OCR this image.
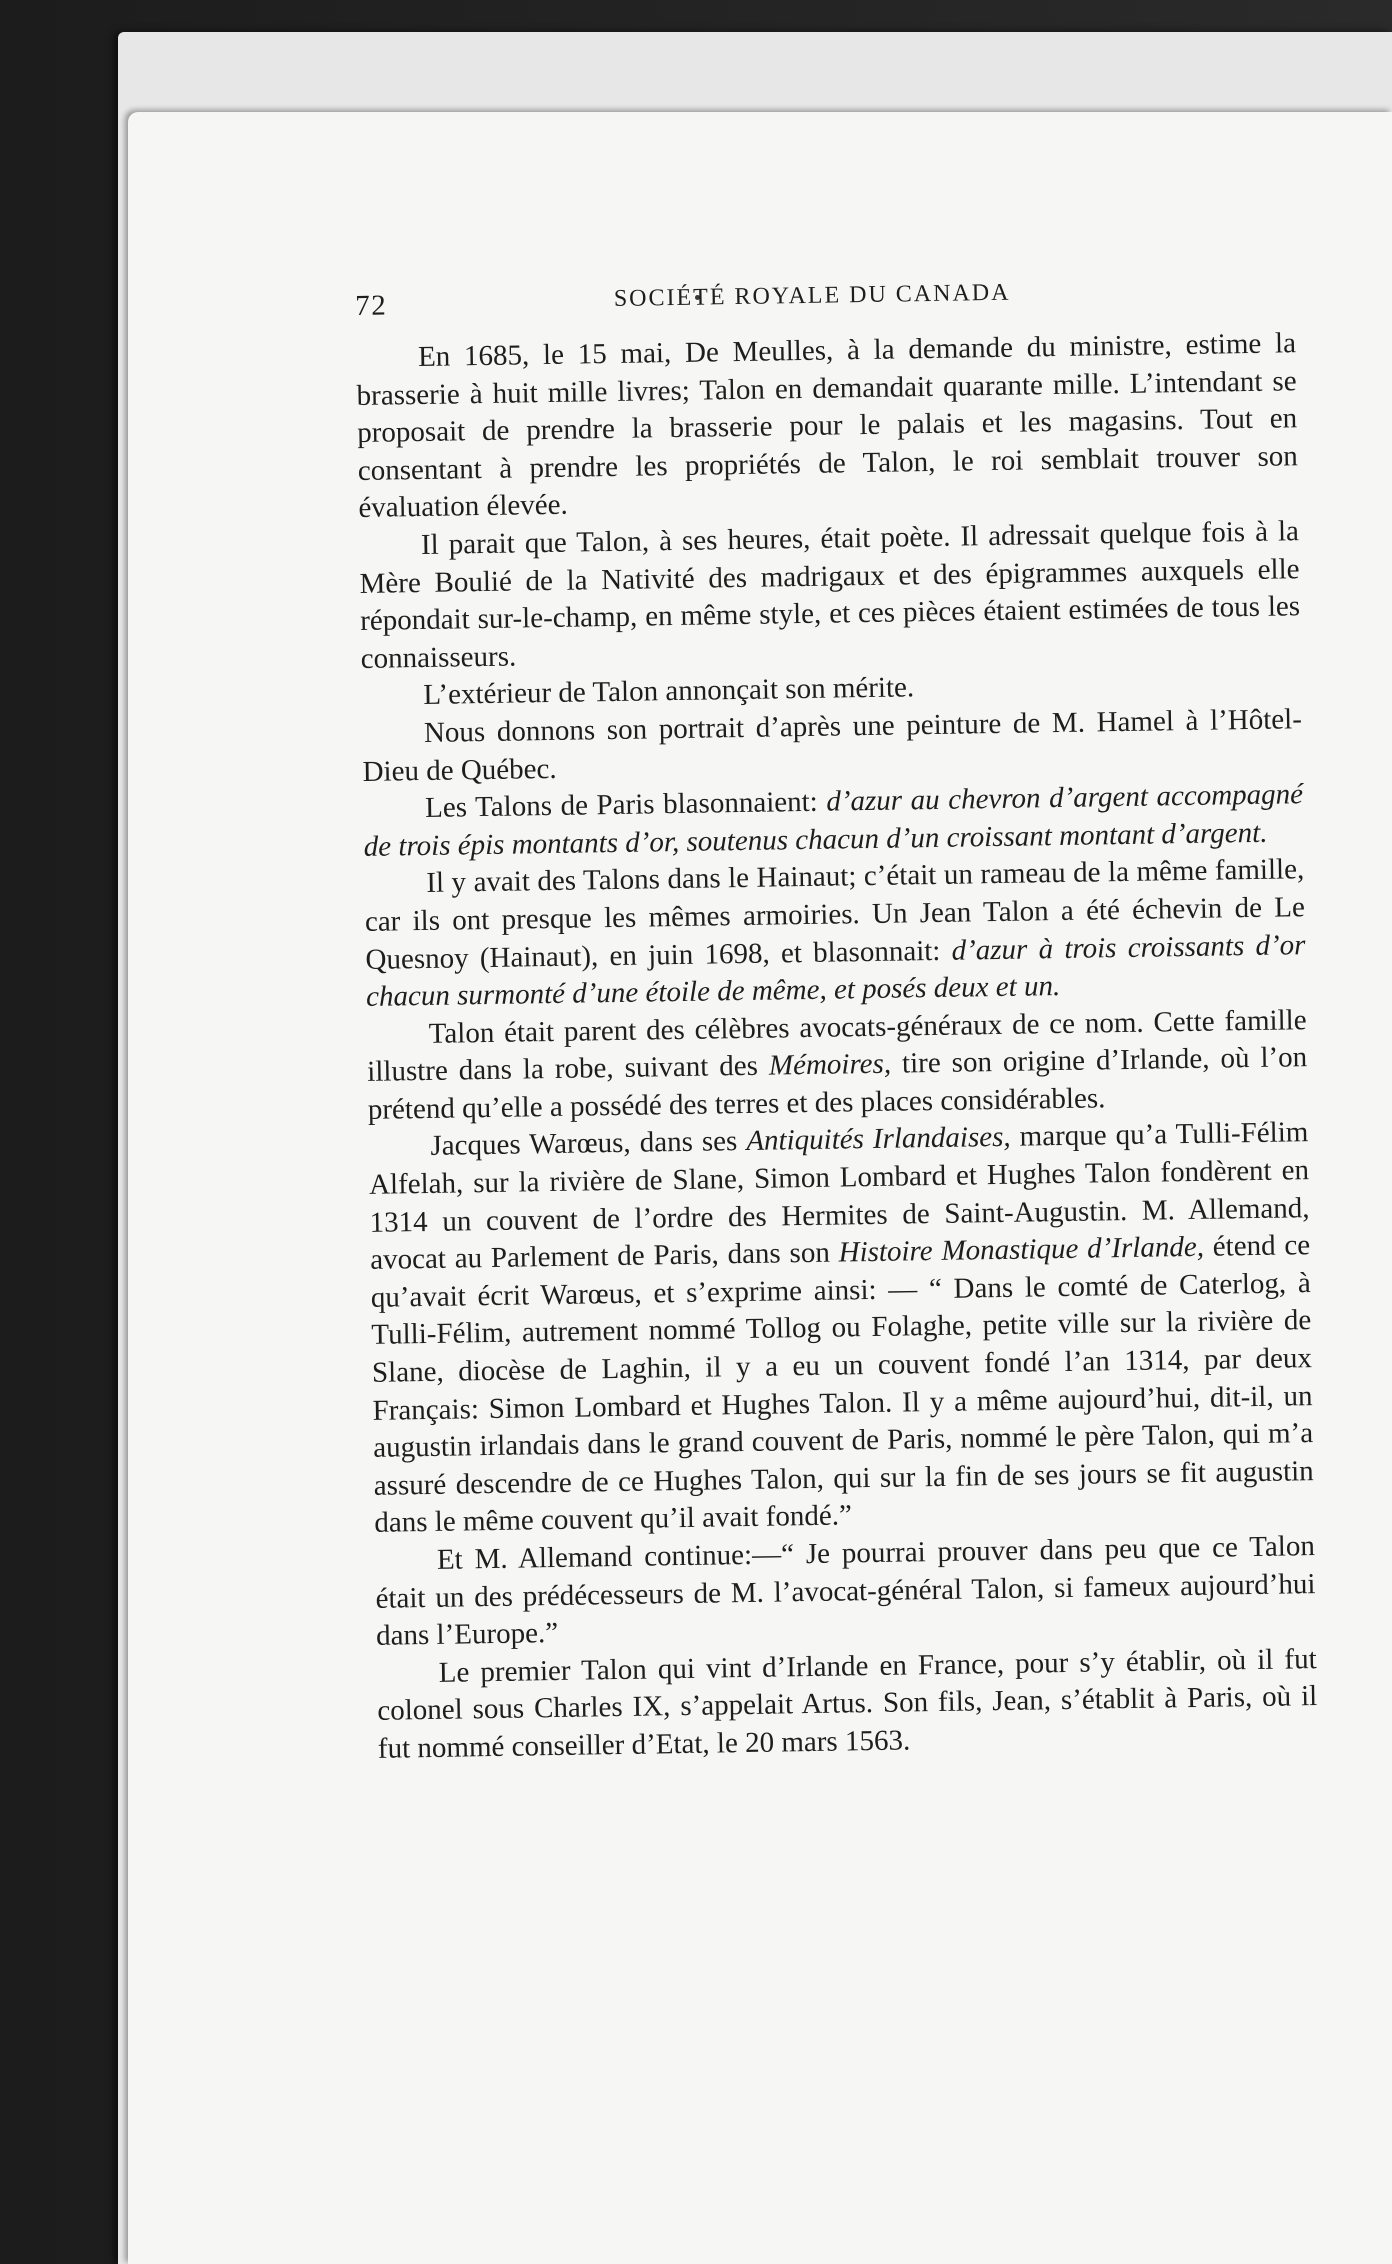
72	SOCIÉTÉ ROYALE DU CANADA

En 1685, le 15 mai, De Meulles, à la demande du ministre, estime la brasserie à huit mille livres; Talon en demandait quarante mille. L’intendant se proposait de prendre la brasserie pour le palais et les magasins. Tout en consentant à prendre les propriétés de Talon, le roi semblait trouver son évaluation élevée.

Il parait que Talon, à ses heures, était poète. Il adressait quelque fois à la Mère Boulié de la Nativité des madrigaux et des épigrammes auxquels elle répondait sur-le-champ, en même style, et ces pièces étaient estimées de tous les connaisseurs.

L’extérieur de Talon annonçait son mérite.

Nous donnons son portrait d’après une peinture de M. Hamel à l’Hôtel-Dieu de Québec.

Les Talons de Paris blasonnaient: d’azur au chevron d’argent accompagné de trois épis montants d’or, soutenus chacun d’un croissant montant d’argent.

Il y avait des Talons dans le Hainaut; c’était un rameau de la même famille, car ils ont presque les mêmes armoiries. Un Jean Talon a été échevin de Le Quesnoy (Hainaut), en juin 1698, et blasonnait: d’azur à trois croissants d’or chacun surmonté d’une étoile de même, et posés deux et un.

Talon était parent des célèbres avocats-généraux de ce nom. Cette famille illustre dans la robe, suivant des Mémoires, tire son origine d’Irlande, où l’on prétend qu’elle a possédé des terres et des places considérables.

Jacques Warœus, dans ses Antiquités Irlandaises, marque qu’a Tulli-Félim Alfelah, sur la rivière de Slane, Simon Lombard et Hughes Talon fondèrent en 1314 un couvent de l’ordre des Hermites de Saint-Augustin. M. Allemand, avocat au Parlement de Paris, dans son Histoire Monastique d’Irlande, étend ce qu’avait écrit Warœus, et s’exprime ainsi: — “ Dans le comté de Caterlog, à Tulli-Félim, autrement nommé Tollog ou Folaghe, petite ville sur la rivière de Slane, diocèse de Laghin, il y a eu un couvent fondé l’an 1314, par deux Français: Simon Lombard et Hughes Talon. Il y a même aujourd’hui, dit-il, un augustin irlandais dans le grand couvent de Paris, nommé le père Talon, qui m’a assuré descendre de ce Hughes Talon, qui sur la fin de ses jours se fit augustin dans le même couvent qu’il avait fondé.”

Et M. Allemand continue:—“ Je pourrai prouver dans peu que ce Talon était un des prédécesseurs de M. l’avocat-général Talon, si fameux aujourd’hui dans l’Europe.”

Le premier Talon qui vint d’Irlande en France, pour s’y établir, où il fut colonel sous Charles IX, s’appelait Artus. Son fils, Jean, s’établit à Paris, où il fut nommé conseiller d’Etat, le 20 mars 1563.
